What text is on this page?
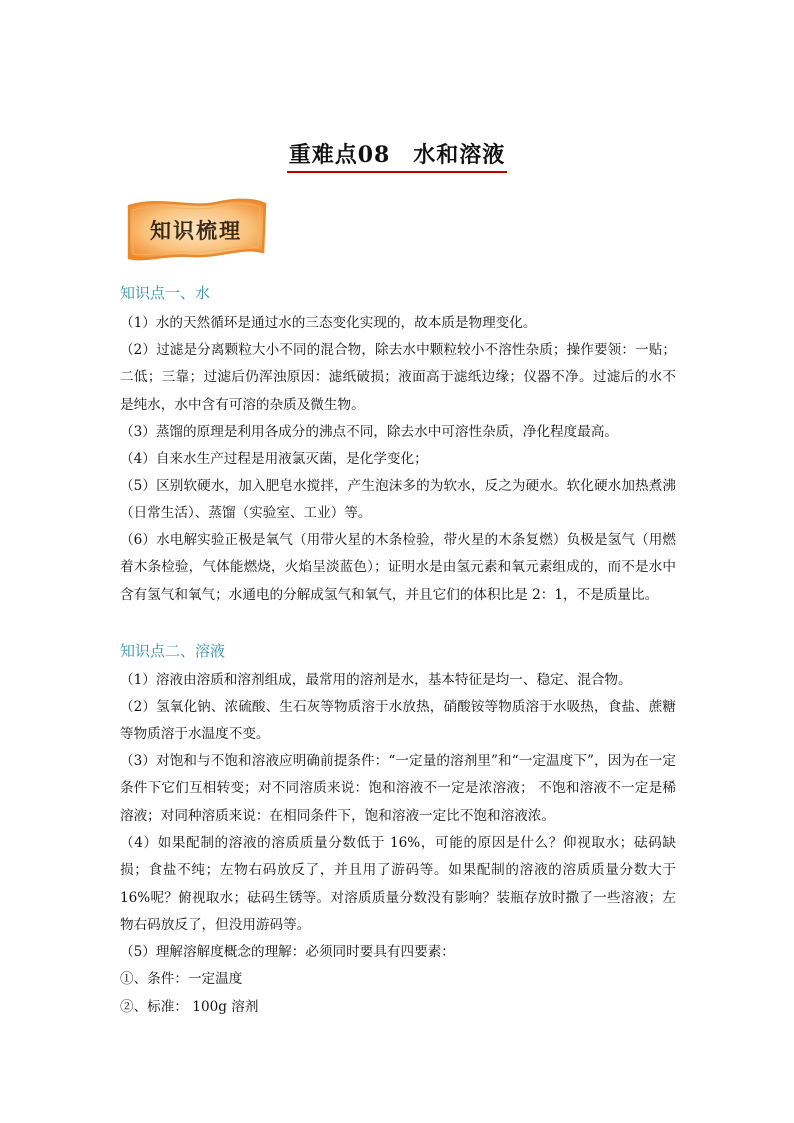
重难点08　水和溶液
知识梳理
知识点一、水

（1）水的天然循环是通过水的三态变化实现的，故本质是物理变化。

（2）过滤是分离颗粒大小不同的混合物，除去水中颗粒较小不溶性杂质；操作要领：一贴；二低；三靠；过滤后仍浑浊原因：滤纸破损；液面高于滤纸边缘；仪器不净。过滤后的水不是纯水，水中含有可溶的杂质及微生物。

（3）蒸馏的原理是利用各成分的沸点不同，除去水中可溶性杂质，净化程度最高。

（4）自来水生产过程是用液氯灭菌，是化学变化；

（5）区别软硬水，加入肥皂水搅拌，产生泡沫多的为软水，反之为硬水。软化硬水加热煮沸（日常生活）、蒸馏（实验室、工业）等。

（6）水电解实验正极是氧气（用带火星的木条检验，带火星的木条复燃）负极是氢气（用燃着木条检验，气体能燃烧，火焰呈淡蓝色）；证明水是由氢元素和氧元素组成的，而不是水中含有氢气和氧气；水通电的分解成氢气和氧气，并且它们的体积比是 2：1，不是质量比。

知识点二、溶液

（1）溶液由溶质和溶剂组成，最常用的溶剂是水，基本特征是均一、稳定、混合物。

（2）氢氧化钠、浓硫酸、生石灰等物质溶于水放热，硝酸铵等物质溶于水吸热，食盐、蔗糖等物质溶于水温度不变。

（3）对饱和与不饱和溶液应明确前提条件：“一定量的溶剂里”和“一定温度下”，因为在一定条件下它们互相转变；对不同溶质来说：饱和溶液不一定是浓溶液； 不饱和溶液不一定是稀溶液；对同种溶质来说：在相同条件下，饱和溶液一定比不饱和溶液浓。

（4）如果配制的溶液的溶质质量分数低于 16%，可能的原因是什么？仰视取水；砝码缺损；食盐不纯；左物右码放反了，并且用了游码等。如果配制的溶液的溶质质量分数大于 16%呢？俯视取水；砝码生锈等。对溶质质量分数没有影响？装瓶存放时撒了一些溶液；左物右码放反了，但没用游码等。

（5）理解溶解度概念的理解：必须同时要具有四要素：

①、条件：一定温度
②、标准： 100g 溶剂
